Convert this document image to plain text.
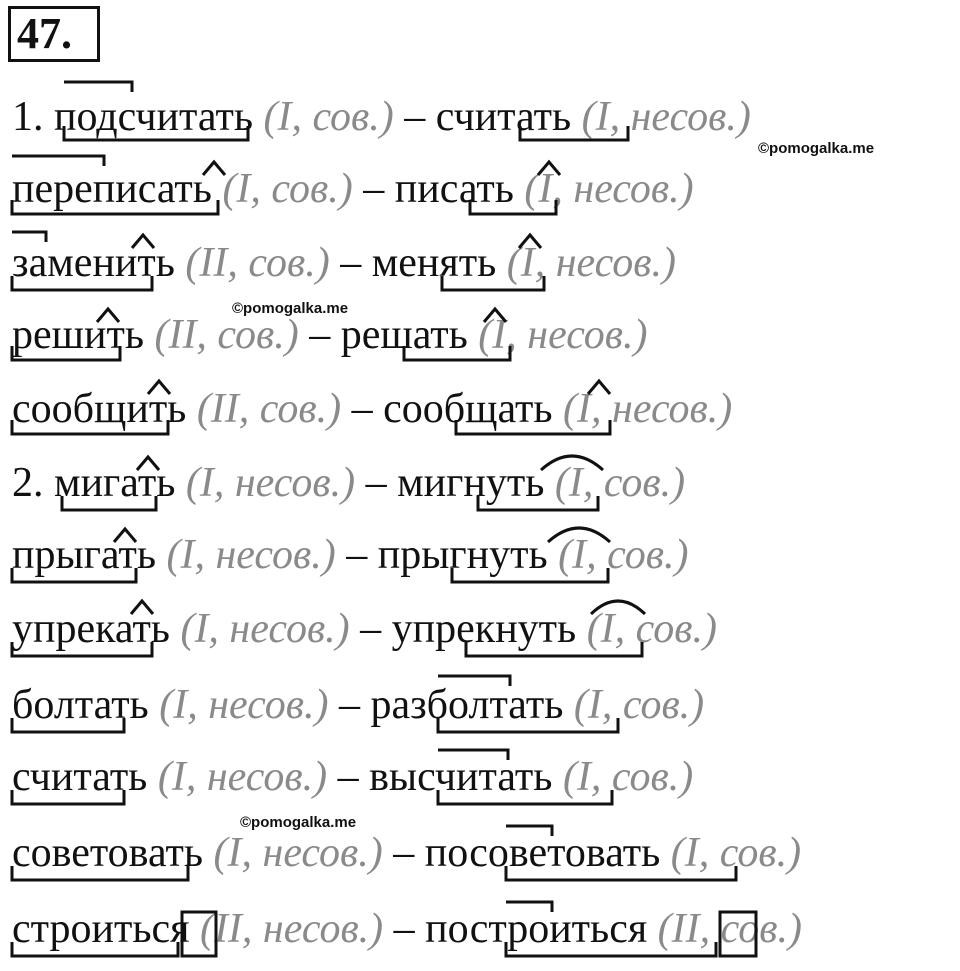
47.
1. подсчитать (I, сов.) – считать (I, несов.)
переписать (I, сов.) – писать (I, несов.)
заменить (II, сов.) – менять (I, несов.)
решить (II, сов.) – решать (I, несов.)
сообщить (II, сов.) – сообщать (I, несов.)
2. мигать (I, несов.) – мигнуть (I, сов.)
прыгать (I, несов.) – прыгнуть (I, сов.)
упрекать (I, несов.) – упрекнуть (I, сов.)
болтать (I, несов.) – разболтать (I, сов.)
считать (I, несов.) – высчитать (I, сов.)
советовать (I, несов.) – посоветовать (I, сов.)
строиться (II, несов.) – построиться (II, сов.)
©pomogalka.me
©pomogalka.me
©pomogalka.me
